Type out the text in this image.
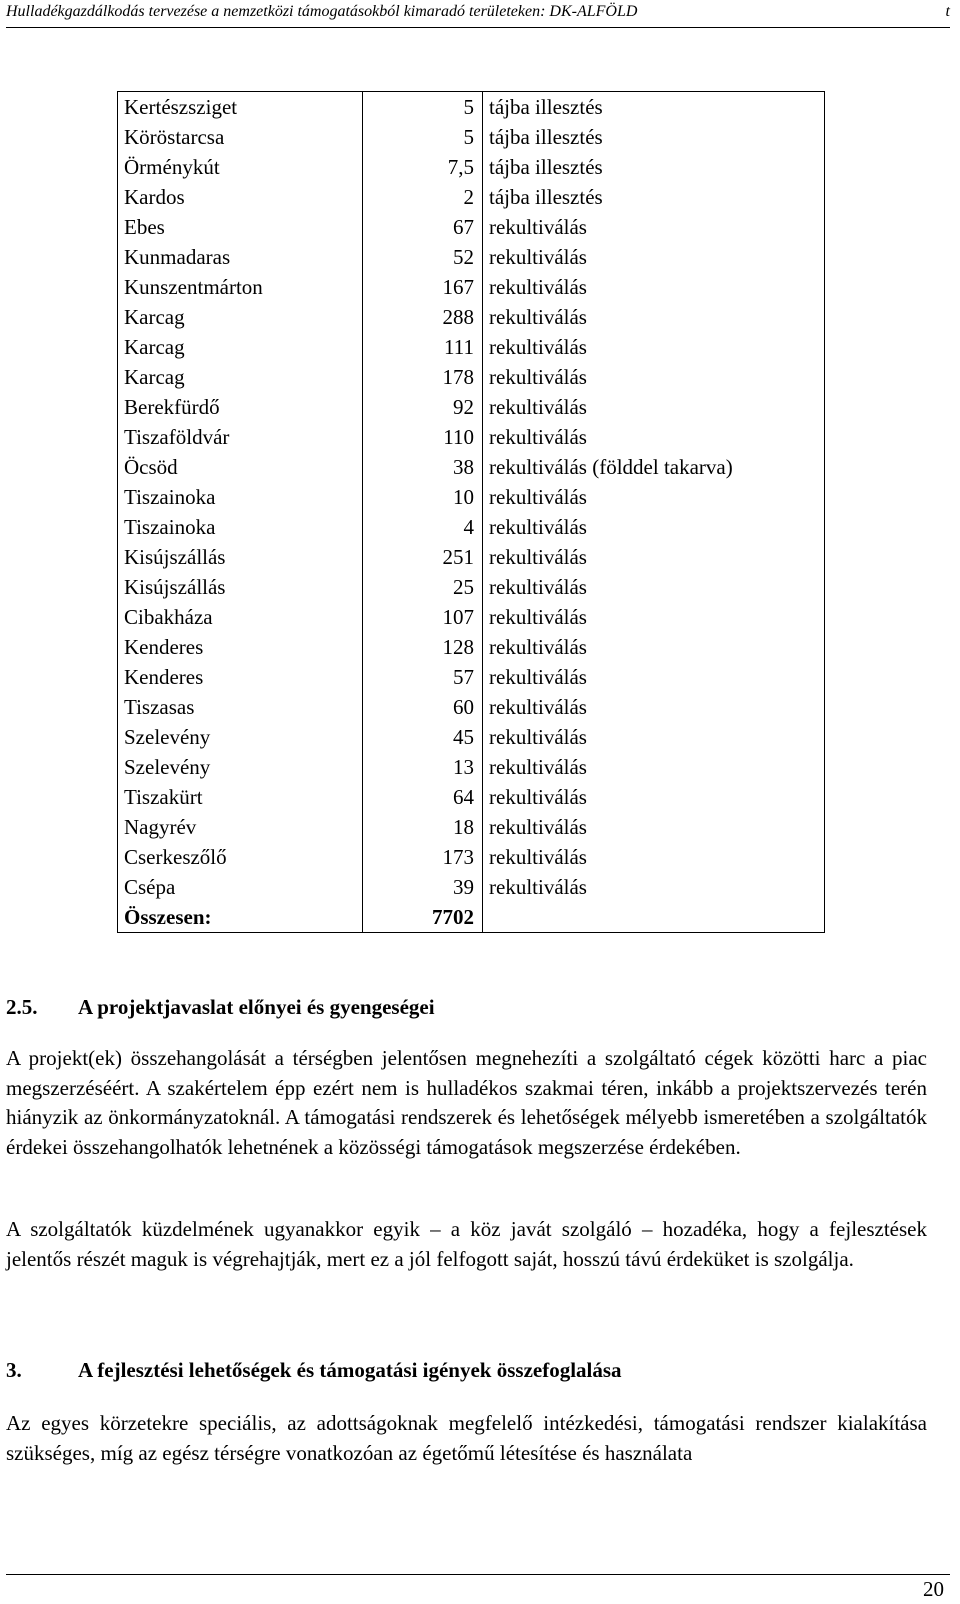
Hulladékgazdálkodás tervezése a nemzetközi támogatásokból kimaradó területeken: DK-ALFÖLD	t
Kertészsziget	5	tájba illesztés
Köröstarcsa	5	tájba illesztés
Örménykút	7,5	tájba illesztés
Kardos	2	tájba illesztés
Ebes	67	rekultiválás
Kunmadaras	52	rekultiválás
Kunszentmárton	167	rekultiválás
Karcag	288	rekultiválás
Karcag	111	rekultiválás
Karcag	178	rekultiválás
Berekfürdő	92	rekultiválás
Tiszaföldvár	110	rekultiválás
Öcsöd	38	rekultiválás (földdel takarva)
Tiszainoka	10	rekultiválás
Tiszainoka	4	rekultiválás
Kisújszállás	251	rekultiválás
Kisújszállás	25	rekultiválás
Cibakháza	107	rekultiválás
Kenderes	128	rekultiválás
Kenderes	57	rekultiválás
Tiszasas	60	rekultiválás
Szelevény	45	rekultiválás
Szelevény	13	rekultiválás
Tiszakürt	64	rekultiválás
Nagyrév	18	rekultiválás
Cserkeszőlő	173	rekultiválás
Csépa	39	rekultiválás
Összesen:	7702	
2.5. A projektjavaslat előnyei és gyengeségei
A projekt(ek) összehangolását a térségben jelentősen megnehezíti a szolgáltató cégek közötti harc a piac megszerzéséért. A szakértelem épp ezért nem is hulladékos szakmai téren, inkább a projektszervezés terén hiányzik az önkormányzatoknál. A támogatási rendszerek és lehetőségek mélyebb ismeretében a szolgáltatók érdekei összehangolhatók lehetnének a közösségi támogatások megszerzése érdekében.
A szolgáltatók küzdelmének ugyanakkor egyik – a köz javát szolgáló – hozadéka, hogy a fejlesztések jelentős részét maguk is végrehajtják, mert ez a jól felfogott saját, hosszú távú érdeküket is szolgálja.
3.	A fejlesztési lehetőségek és támogatási igények összefoglalása
Az egyes körzetekre speciális, az adottságoknak megfelelő intézkedési, támogatási rendszer kialakítása szükséges, míg az egész térségre vonatkozóan az égetőmű létesítése és használata
20
